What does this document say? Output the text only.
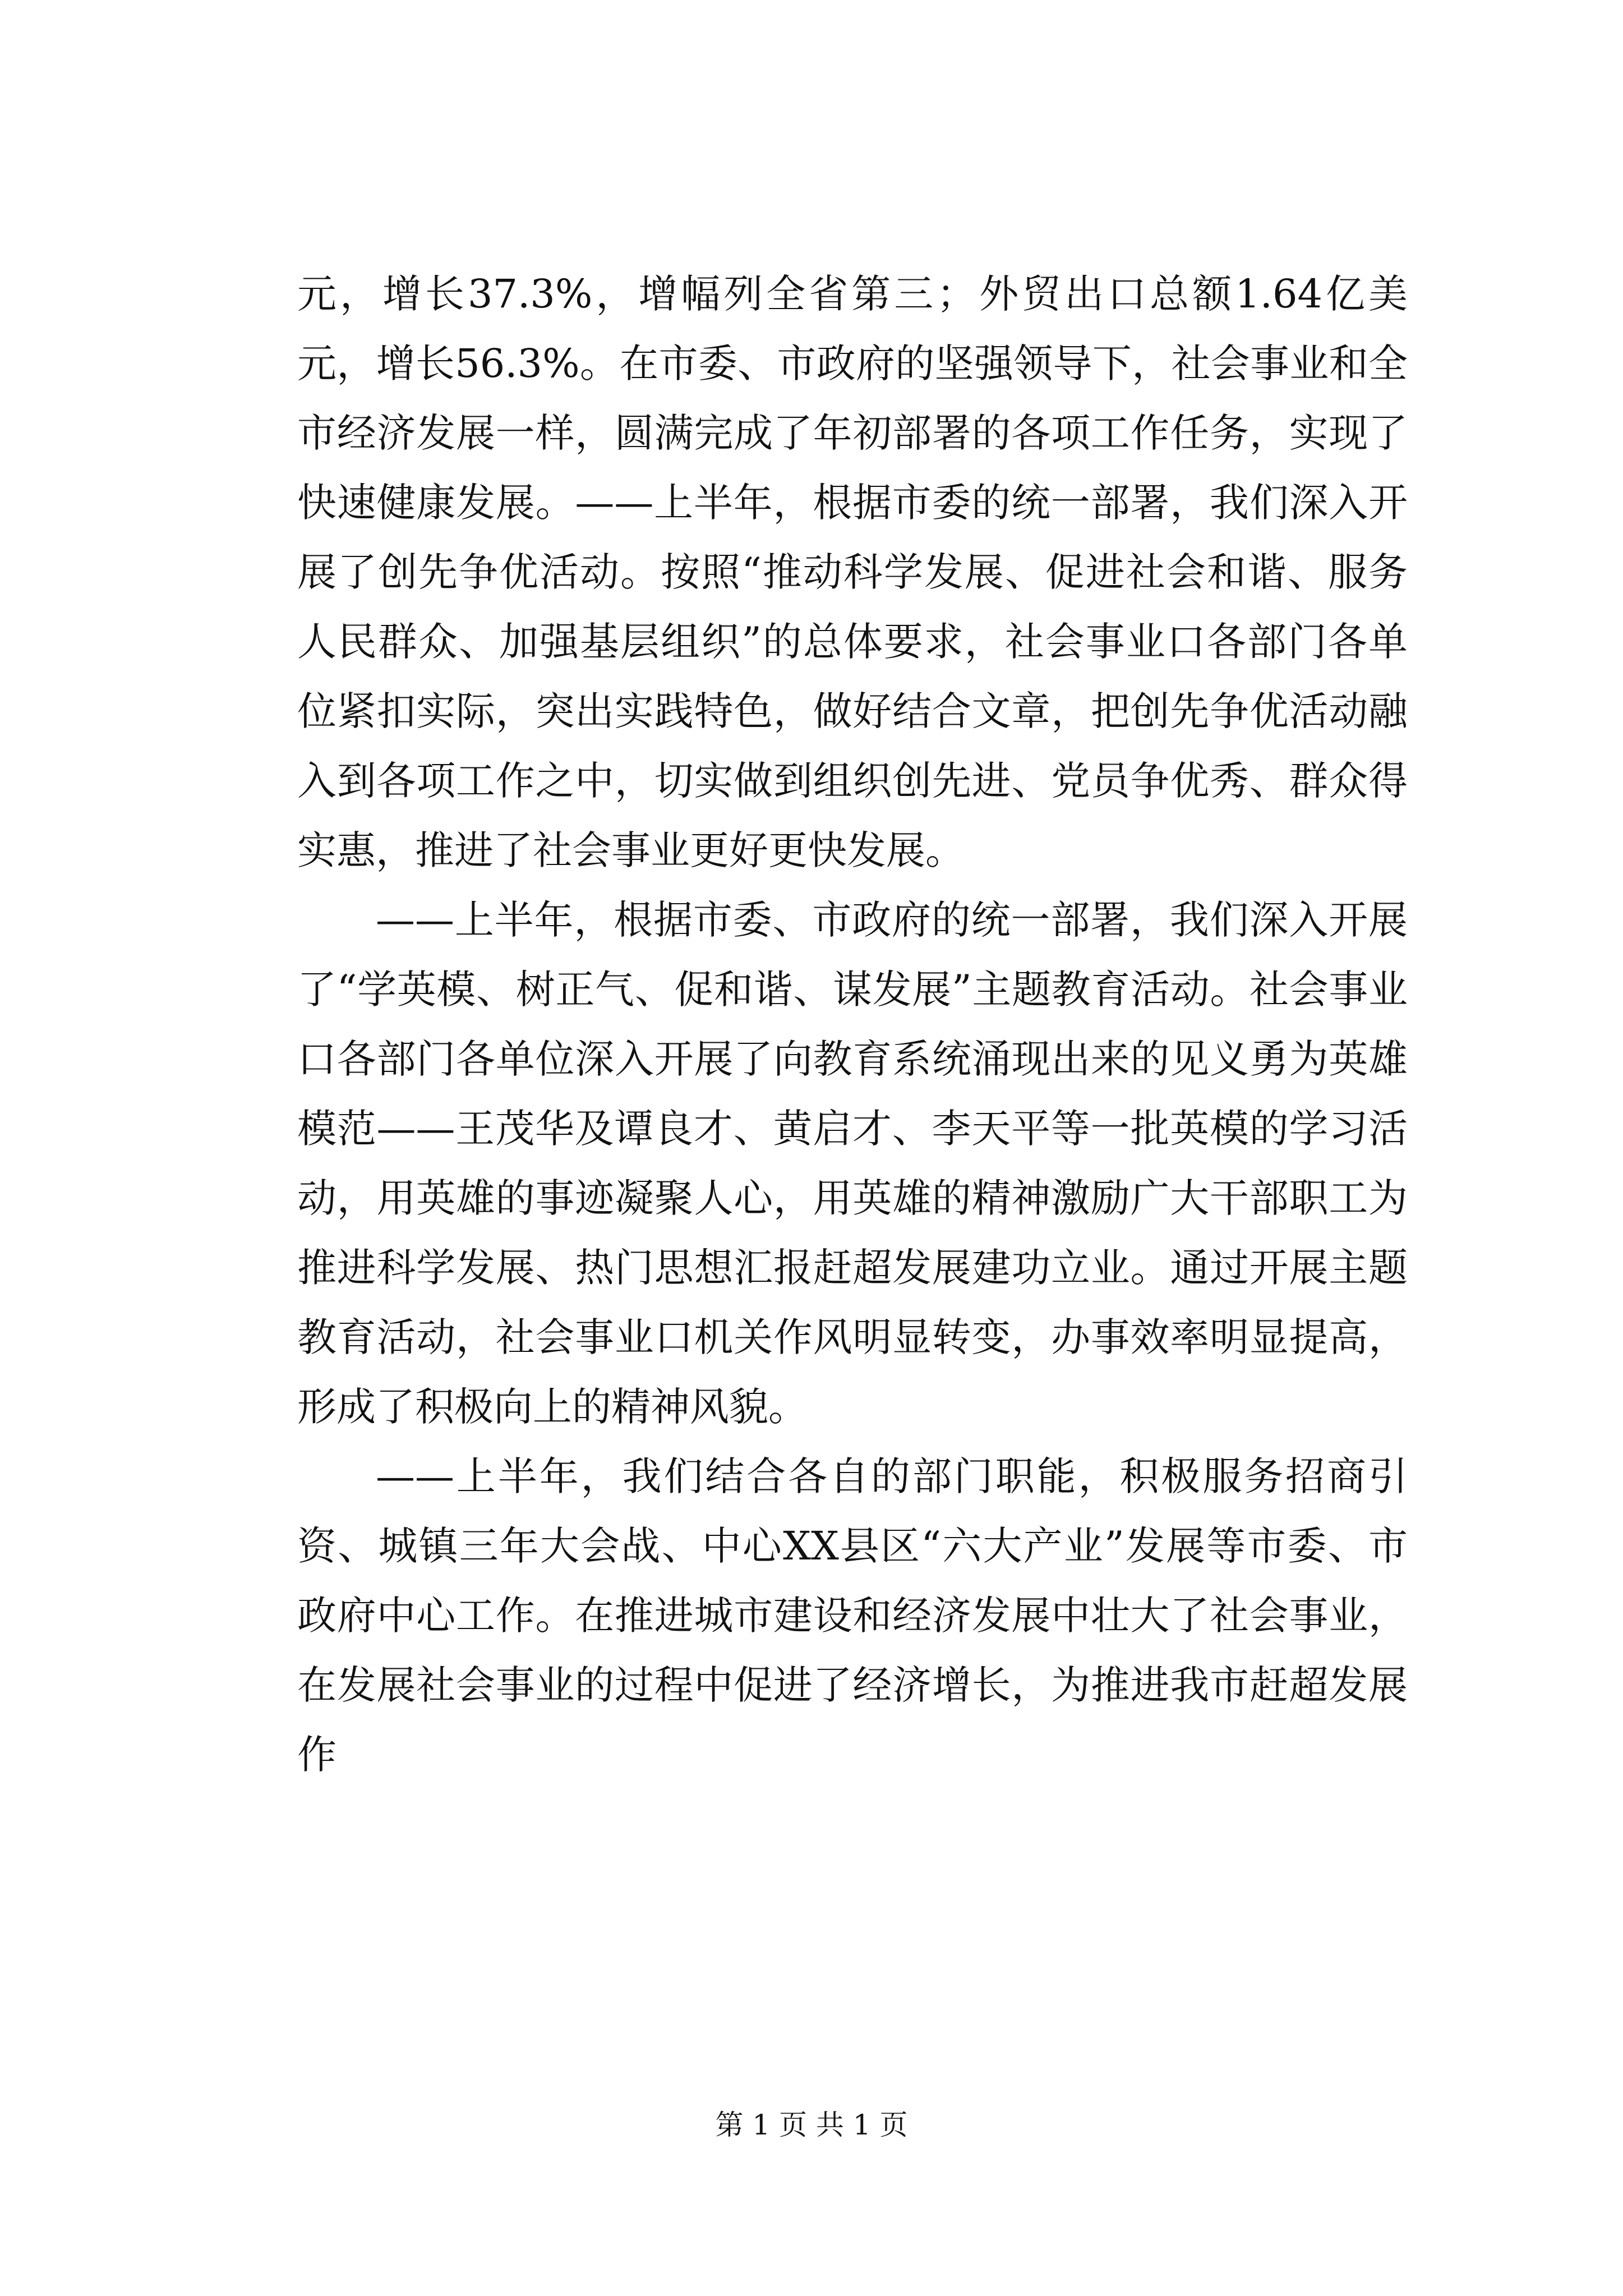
元，增长37.3%，增幅列全省第三；外贸出口总额1.64亿美元，增长56.3%。在市委、市政府的坚强领导下，社会事业和全市经济发展一样，圆满完成了年初部署的各项工作任务，实现了快速健康发展。——上半年，根据市委的统一部署，我们深入开展了创先争优活动。按照“推动科学发展、促进社会和谐、服务人民群众、加强基层组织”的总体要求，社会事业口各部门各单位紧扣实际，突出实践特色，做好结合文章，把创先争优活动融入到各项工作之中，切实做到组织创先进、党员争优秀、群众得实惠，推进了社会事业更好更快发展。

——上半年，根据市委、市政府的统一部署，我们深入开展了“学英模、树正气、促和谐、谋发展”主题教育活动。社会事业口各部门各单位深入开展了向教育系统涌现出来的见义勇为英雄模范——王茂华及谭良才、黄启才、李天平等一批英模的学习活动，用英雄的事迹凝聚人心，用英雄的精神激励广大干部职工为推进科学发展、热门思想汇报赶超发展建功立业。通过开展主题教育活动，社会事业口机关作风明显转变，办事效率明显提高，形成了积极向上的精神风貌。

——上半年，我们结合各自的部门职能，积极服务招商引资、城镇三年大会战、中心XX县区“六大产业”发展等市委、市政府中心工作。在推进城市建设和经济发展中壮大了社会事业，在发展社会事业的过程中促进了经济增长，为推进我市赶超发展作

第 1 页 共 1 页
